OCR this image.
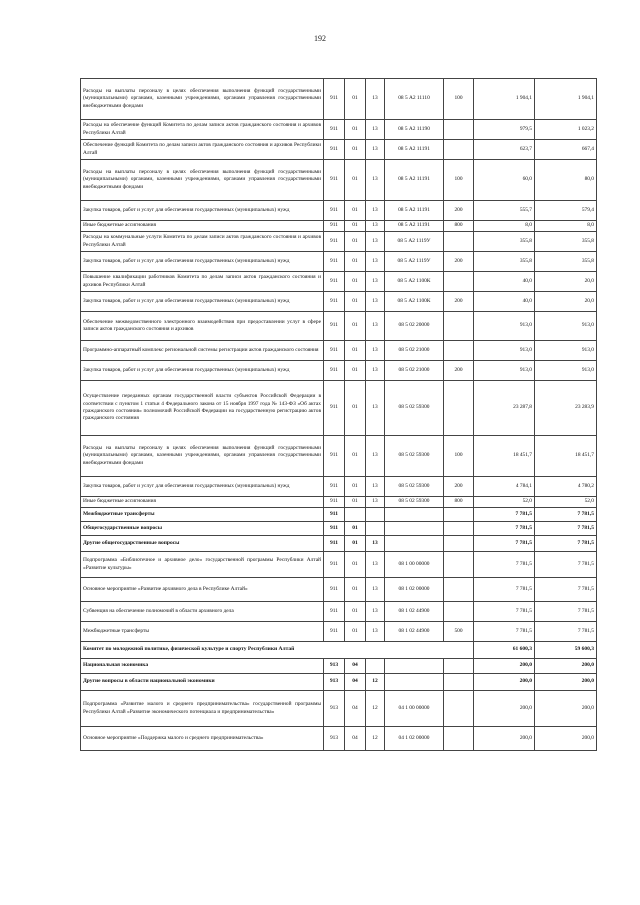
192
Расходы на выплаты персоналу в целях обеспечения выполнения функций государственными (муниципальными) органами, казенными учреждениями, органами управления государственными внебюджетными фондами	911	01	13	08 5 А2 11110	100	1 904,1	1 904,1
Расходы на обеспечение функций Комитета по делам записи актов гражданского состояния и архивов Республики Алтай	911	01	13	08 5 А2 11190		979,5	1 023,2
Обеспечение функций Комитета по делам записи актов гражданского состояния и архивов Республики Алтай	911	01	13	08 5 А2 11191		623,7	667,4
Расходы на выплаты персоналу в целях обеспечения выполнения функций государственными (муниципальными) органами, казенными учреждениями, органами управления государственными внебюджетными фондами	911	01	13	08 5 А2 11191	100	60,0	80,0
Закупка товаров, работ и услуг для обеспечения государственных (муниципальных) нужд	911	01	13	08 5 А2 11191	200	555,7	579,4
Иные бюджетные ассигнования	911	01	13	08 5 А2 11191	800	8,0	8,0
Расходы на коммунальные услуги Комитета по делам записи актов гражданского состояния и архивов Республики Алтай	911	01	13	08 5 А2 1119У		355,8	355,8
Закупка товаров, работ и услуг для обеспечения государственных (муниципальных) нужд	911	01	13	08 5 А2 1119У	200	355,8	355,8
Повышение квалификации работников Комитета по делам записи актов гражданского состояния и архивов Республики Алтай	911	01	13	08 5 А2 1100К		40,0	20,0
Закупка товаров, работ и услуг для обеспечения государственных (муниципальных) нужд	911	01	13	08 5 А2 1100К	200	40,0	20,0
Обеспечение межведомственного электронного взаимодействия при предоставлении услуг в сфере записи актов гражданского состояния и архивов	911	01	13	08 5 02 20000		913,0	913,0
Программно-аппаратный комплекс региональной системы регистрации актов гражданского состояния	911	01	13	08 5 02 21000		913,0	913,0
Закупка товаров, работ и услуг для обеспечения государственных (муниципальных) нужд	911	01	13	08 5 02 21000	200	913,0	913,0
Осуществление переданных органам государственной власти субъектов Российской Федерации в соответствии с пунктом 1 статьи 4 Федерального закона от 15 ноября 1997 года № 143-ФЗ «Об актах гражданского состояния» полномочий Российской Федерации на государственную регистрацию актов гражданского состояния	911	01	13	08 5 02 59300		23 287,8	23 283,9
Расходы на выплаты персоналу в целях обеспечения выполнения функций государственными (муниципальными) органами, казенными учреждениями, органами управления государственными внебюджетными фондами	911	01	13	08 5 02 59300	100	18 451,7	18 451,7
Закупка товаров, работ и услуг для обеспечения государственных (муниципальных) нужд	911	01	13	08 5 02 59300	200	4 784,1	4 780,2
Иные бюджетные ассигнования	911	01	13	08 5 02 59300	800	52,0	52,0
Межбюджетные трансферты	911					7 781,5	7 781,5
Общегосударственные вопросы	911	01				7 781,5	7 781,5
Другие общегосударственные вопросы	911	01	13			7 781,5	7 781,5
Подпрограмма «Библиотечное и архивное дело» государственной программы Республики Алтай «Развитие культуры»	911	01	13	08 1 00 00000		7 781,5	7 781,5
Основное мероприятие «Развитие архивного дела в Республике Алтай»	911	01	13	08 1 02 00000		7 781,5	7 781,5
Субвенция на обеспечение полномочий в области архивного дела	911	01	13	08 1 02 44900		7 781,5	7 781,5
Межбюджетные трансферты	911	01	13	08 1 02 44900	500	7 781,5	7 781,5
Комитет по молодежной политике, физической культуре и спорту Республики Алтай						61 600,3	59 600,3
Национальная экономика	913	04				200,0	200,0
Другие вопросы в области национальной экономики	913	04	12			200,0	200,0
Подпрограмма «Развитие малого и среднего предпринимательства» государственной программы Республики Алтай «Развитие экономического потенциала и предпринимательства»	913	04	12	04 1 00 00000		200,0	200,0
Основное мероприятие «Поддержка малого и среднего предпринимательства»	913	04	12	04 1 02 00000		200,0	200,0
